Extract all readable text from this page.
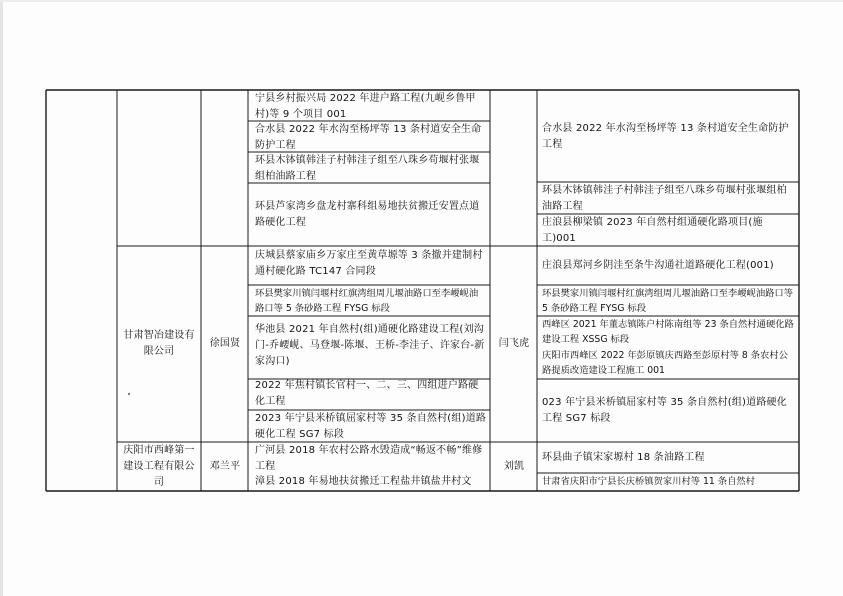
宁县乡村振兴局 2022 年进户路工程(九岘乡鲁甲村)等 9 个项目 001
合水县 2022 年水沟至杨坪等 13 条村道安全生命防护工程
环县木钵镇韩洼子村韩洼子组至八珠乡苟堰村张堰组柏油路工程
环县芦家湾乡盘龙村寨科组易地扶贫搬迁安置点道路硬化工程
合水县 2022 年水沟至杨坪等 13 条村道安全生命防护工程
环县木钵镇韩洼子村韩洼子组至八珠乡苟堰村张堰组柏油路工程
庄浪县柳梁镇 2023 年自然村组通硬化路项目(施工)001
甘肃智冶建设有限公司
徐国贤	闫飞虎
庆城县蔡家庙乡万家庄至黄草塬等 3 条撤并建制村通村硬化路 TC147 合同段
环县樊家川镇闫堰村红旗湾组周儿堰油路口至李崾岘油路口等 5 条砂路工程 FYSG 标段
华池县 2021 年自然村(组)通硬化路建设工程(刘沟门-乔崾岘、马登堰-陈堰、王桥-李洼子、许家台-新家沟口)
2022 年焦村镇长官村一、二、三、四组进户路硬化工程
2023 年宁县米桥镇屈家村等 35 条自然村(组)道路硬化工程 SG7 标段
庄浪县郑河乡阴洼至条牛沟通社道路硬化工程(001)
环县樊家川镇闫堰村红旗湾组周儿堰油路口至李崾岘油路口等 5 条砂路工程 FYSG 标段
西峰区 2021 年董志镇陈户村陈南组等 23 条自然村通硬化路建设工程 XSSG 标段
庆阳市西峰区 2022 年彭原镇庆西路至彭原村等 8 条农村公路提质改造建设工程施工 001
023 年宁县米桥镇屈家村等 35 条自然村(组)道路硬化工程 SG7 标段
庆阳市西峰第一建设工程有限公司
邓兰平	刘凯
广河县 2018 年农村公路水毁造成“畅返不畅”维修工程
漳县 2018 年易地扶贫搬迁工程盐井镇盐井村文
环县曲子镇宋家塬村 18 条油路工程
甘肃省庆阳市宁县长庆桥镇贺家川村等 11 条自然村
